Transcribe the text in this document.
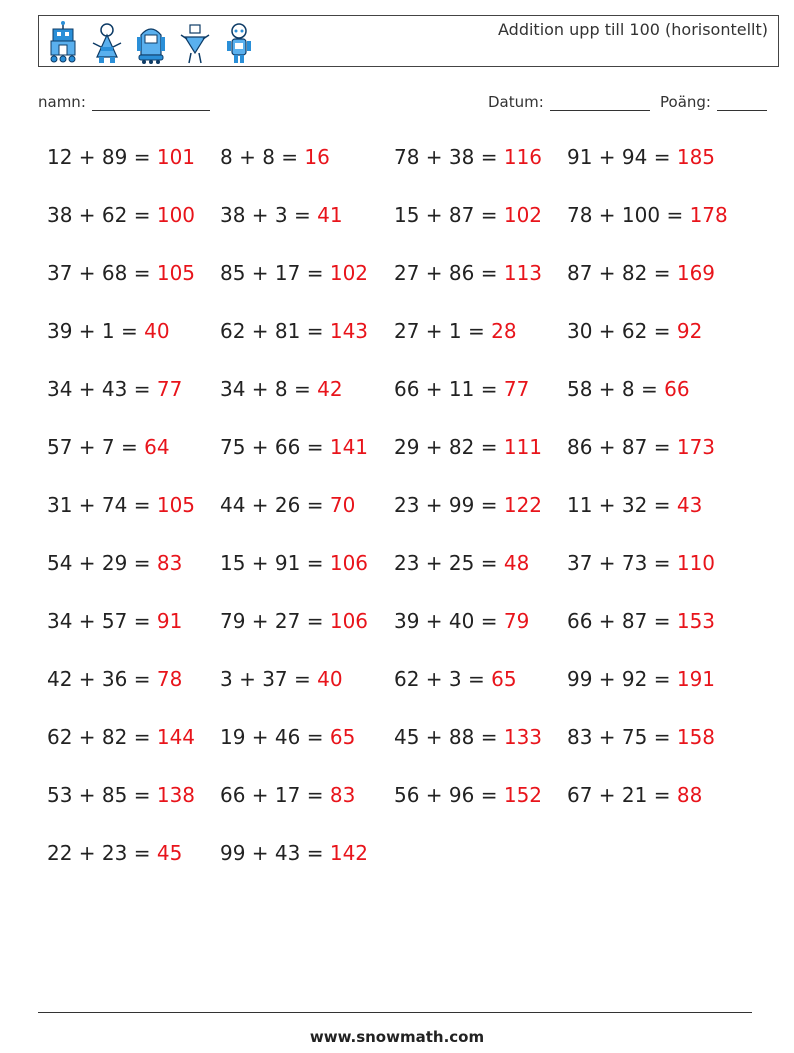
Addition upp till 100 (horisontellt)
namn:	Datum:	Poäng:
12 + 89 = 101 8 + 8 = 16	78 + 38 = 116 91 + 94 = 185
38 + 62 = 100 38 + 3 = 41	15 + 87 = 102 78 + 100 = 178
37 + 68 = 105 85 + 17 = 102 27 + 86 = 113 87 + 82 = 169
39 + 1 = 40	62 + 81 = 143 27 + 1 = 28	30 + 62 = 92
34 + 43 = 77 34 + 8 = 42	66 + 11 = 77 58 + 8 = 66
57 + 7 = 64	75 + 66 = 141 29 + 82 = 111 86 + 87 = 173
31 + 74 = 105 44 + 26 = 70 23 + 99 = 122 11 + 32 = 43
54 + 29 = 83 15 + 91 = 106 23 + 25 = 48 37 + 73 = 110
34 + 57 = 91 79 + 27 = 106 39 + 40 = 79 66 + 87 = 153
42 + 36 = 78 3 + 37 = 40	62 + 3 = 65	99 + 92 = 191
62 + 82 = 144 19 + 46 = 65 45 + 88 = 133 83 + 75 = 158
53 + 85 = 138 66 + 17 = 83 56 + 96 = 152 67 + 21 = 88
22 + 23 = 45 99 + 43 = 142
www.snowmath.com
